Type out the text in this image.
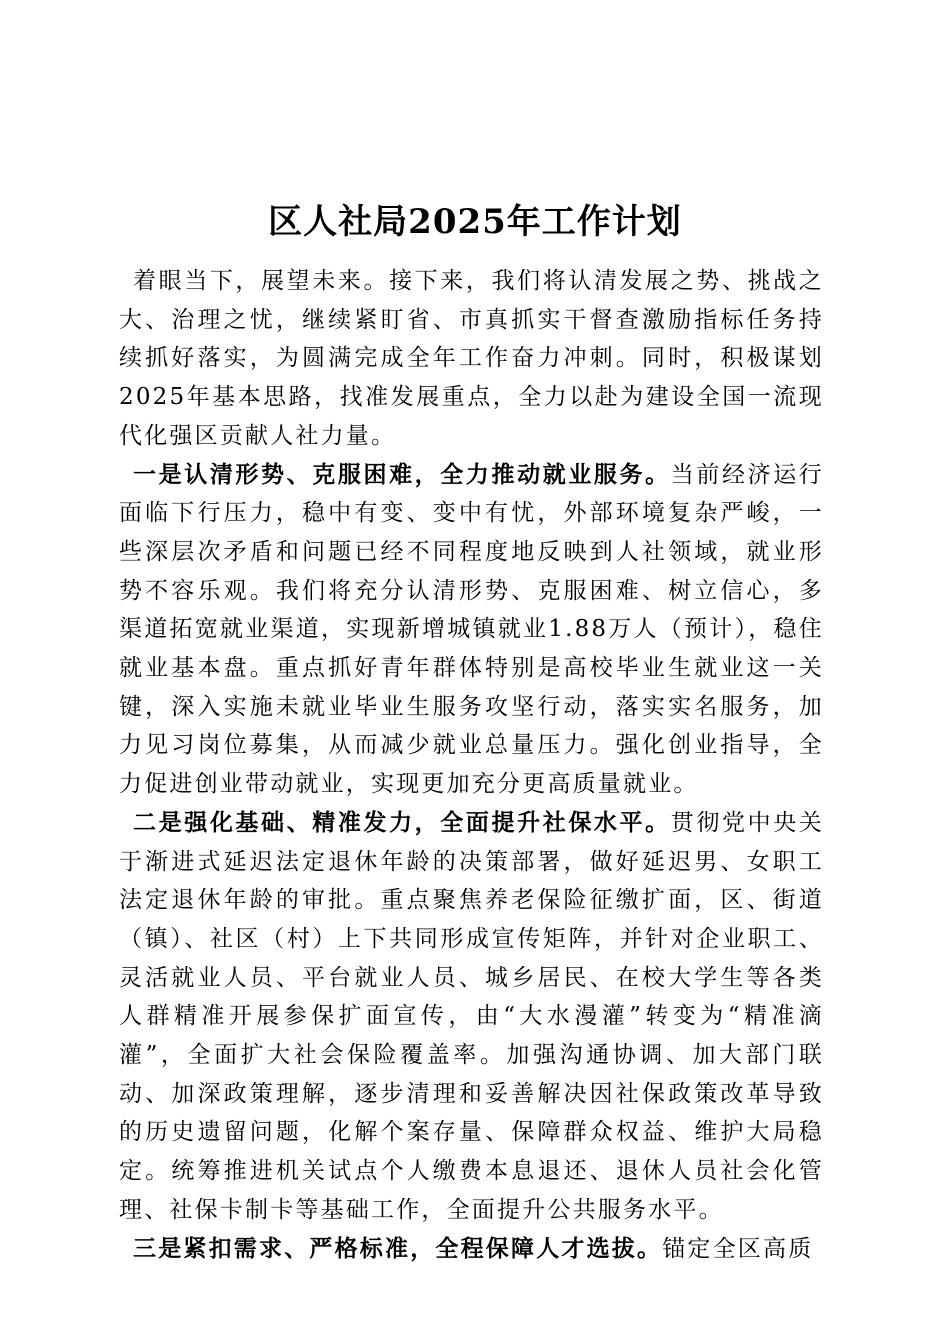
区人社局2025年工作计划

着眼当下，展望未来。接下来，我们将认清发展之势、挑战之大、治理之忧，继续紧盯省、市真抓实干督查激励指标任务持续抓好落实，为圆满完成全年工作奋力冲刺。同时，积极谋划2025年基本思路，找准发展重点，全力以赴为建设全国一流现代化强区贡献人社力量。

一是认清形势、克服困难，全力推动就业服务。当前经济运行面临下行压力，稳中有变、变中有忧，外部环境复杂严峻，一些深层次矛盾和问题已经不同程度地反映到人社领域，就业形势不容乐观。我们将充分认清形势、克服困难、树立信心，多渠道拓宽就业渠道，实现新增城镇就业1.88万人（预计），稳住就业基本盘。重点抓好青年群体特别是高校毕业生就业这一关键，深入实施未就业毕业生服务攻坚行动，落实实名服务，加力见习岗位募集，从而减少就业总量压力。强化创业指导，全力促进创业带动就业，实现更加充分更高质量就业。

二是强化基础、精准发力，全面提升社保水平。贯彻党中央关于渐进式延迟法定退休年龄的决策部署，做好延迟男、女职工法定退休年龄的审批。重点聚焦养老保险征缴扩面，区、街道（镇）、社区（村）上下共同形成宣传矩阵，并针对企业职工、灵活就业人员、平台就业人员、城乡居民、在校大学生等各类人群精准开展参保扩面宣传，由“大水漫灌”转变为“精准滴灌”，全面扩大社会保险覆盖率。加强沟通协调、加大部门联动、加深政策理解，逐步清理和妥善解决因社保政策改革导致的历史遗留问题，化解个案存量、保障群众权益、维护大局稳定。统筹推进机关试点个人缴费本息退还、退休人员社会化管理、社保卡制卡等基础工作，全面提升公共服务水平。

三是紧扣需求、严格标准，全程保障人才选拔。锚定全区高质
